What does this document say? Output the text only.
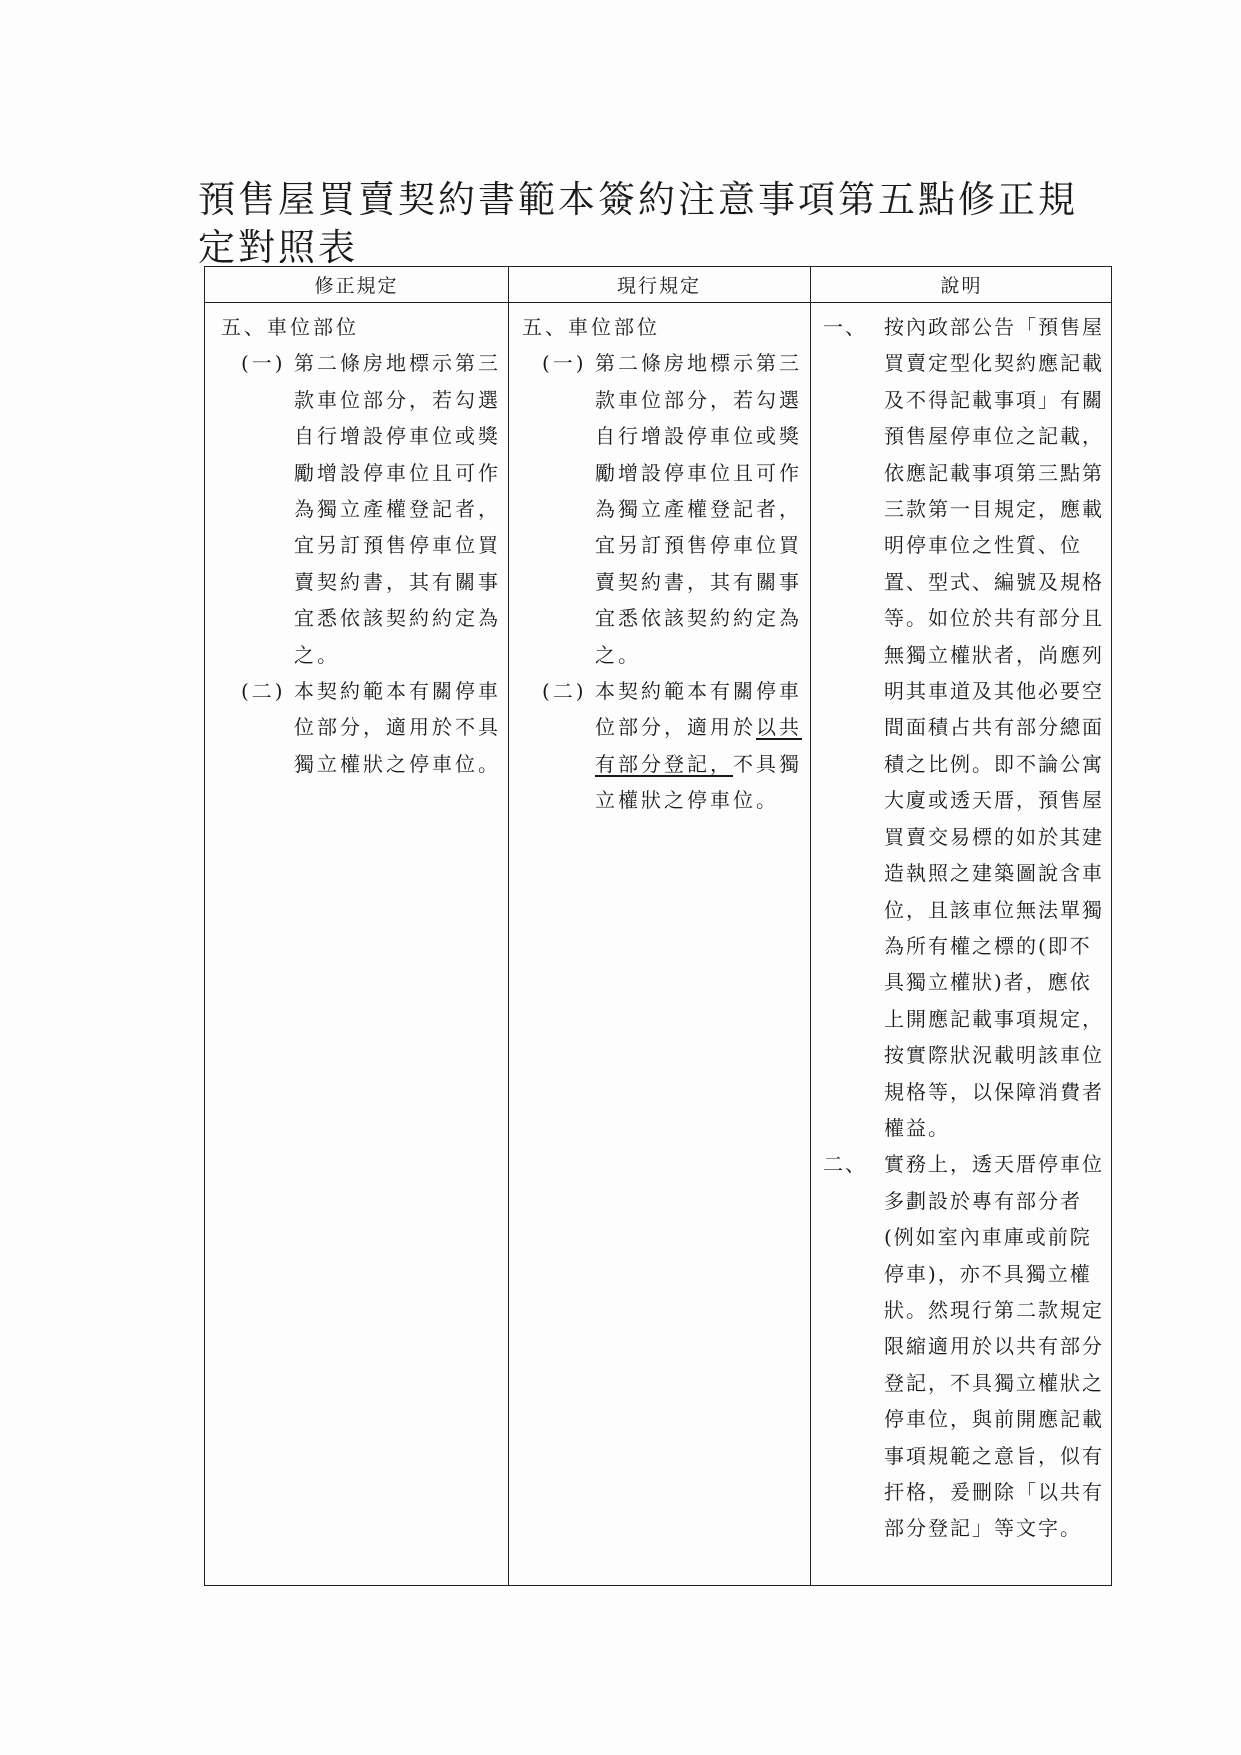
預售屋買賣契約書範本簽約注意事項第五點修正規定對照表
修正規定	現行規定	說明

五、車位部位

(一) 第二條房地標示第三款車位部分，若勾選自行增設停車位或獎勵增設停車位且可作為獨立產權登記者，宜另訂預售停車位買賣契約書，其有關事宜悉依該契約約定為之。
(二) 本契約範本有關停車位部分，適用於不具獨立權狀之停車位。

五、車位部位

(一) 第二條房地標示第三款車位部分，若勾選自行增設停車位或獎勵增設停車位且可作為獨立產權登記者，宜另訂預售停車位買賣契約書，其有關事宜悉依該契約約定為之。
(二) 本契約範本有關停車位部分，適用於以共有部分登記，不具獨立權狀之停車位。
一、 按內政部公告「預售屋買賣定型化契約應記載及不得記載事項」有關預售屋停車位之記載，依應記載事項第三點第三款第一目規定，應載明停車位之性質、位置、型式、編號及規格等。如位於共有部分且無獨立權狀者，尚應列明其車道及其他必要空間面積占共有部分總面積之比例。即不論公寓大廈或透天厝，預售屋買賣交易標的如於其建造執照之建築圖說含車位，且該車位無法單獨為所有權之標的(即不具獨立權狀)者，應依上開應記載事項規定，按實際狀況載明該車位規格等，以保障消費者權益。
二、 實務上，透天厝停車位多劃設於專有部分者(例如室內車庫或前院停車)，亦不具獨立權狀。然現行第二款規定限縮適用於以共有部分登記，不具獨立權狀之停車位，與前開應記載事項規範之意旨，似有扞格，爰刪除「以共有部分登記」等文字。
